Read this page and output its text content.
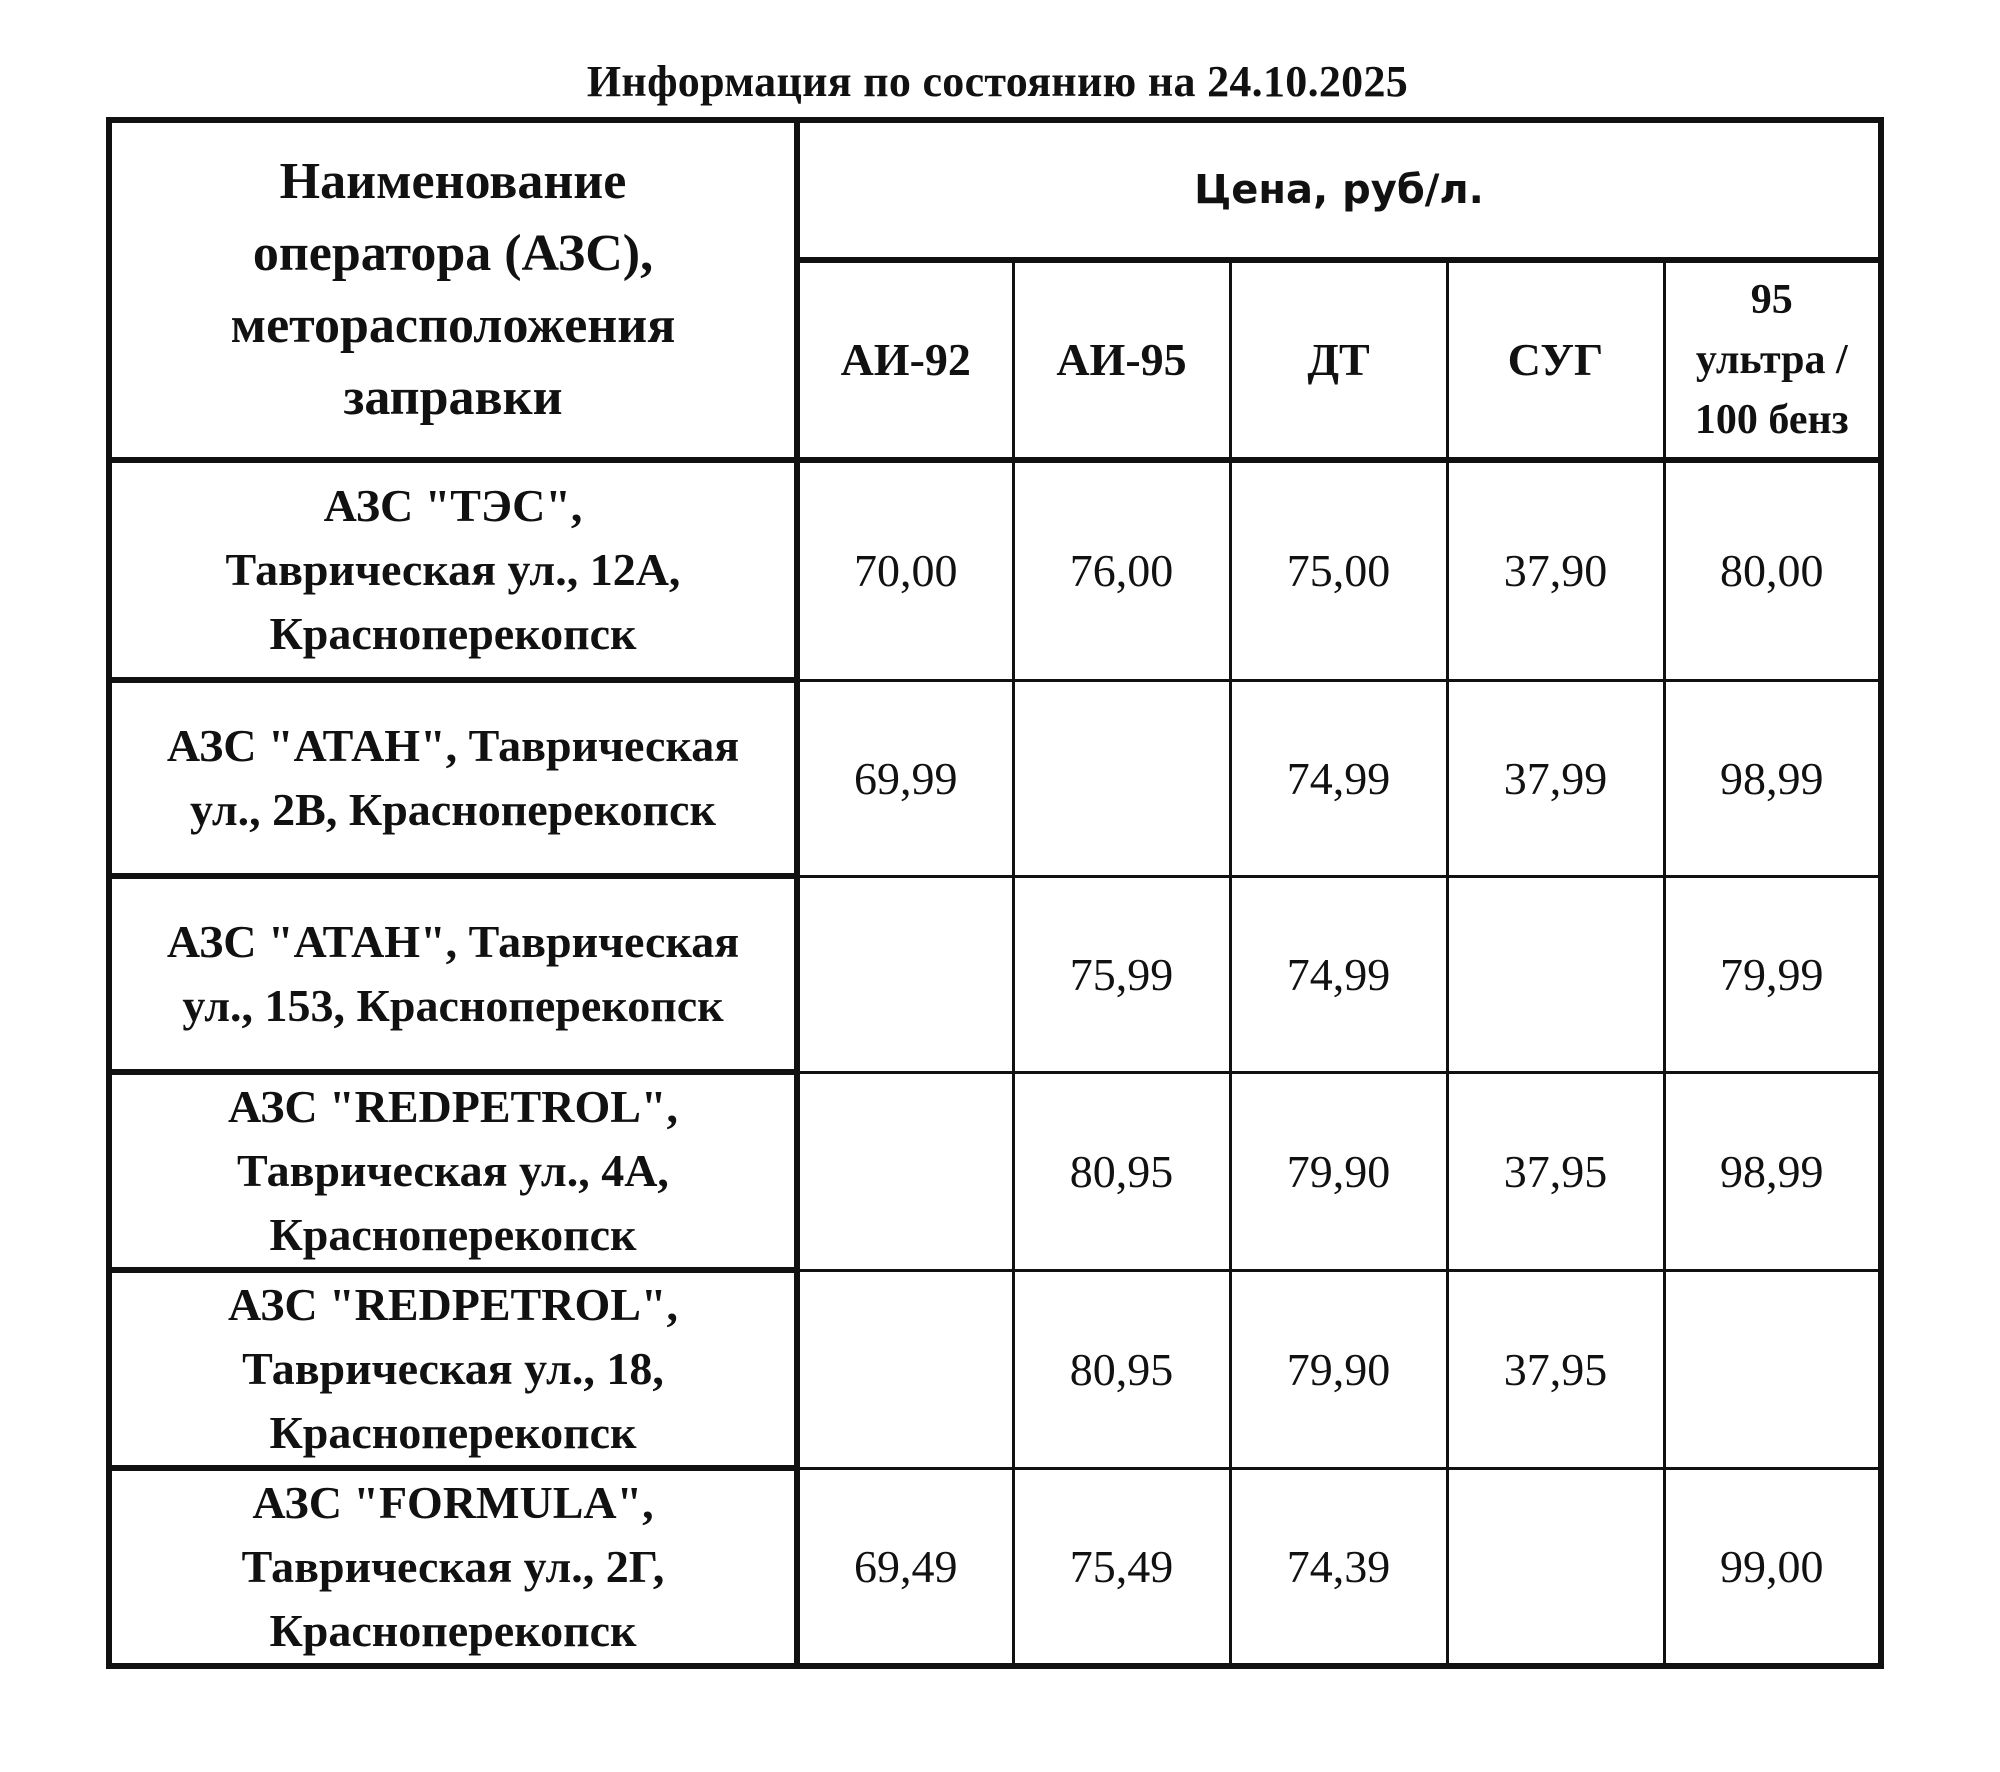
Информация по состоянию на 24.10.2025
Наименование
оператора (АЗС),
меторасположения
заправки	Цена, руб/л.				
	АИ-92	АИ-95	ДТ	СУГ	95
ультра /
100 бенз
АЗС "ТЭС",
Таврическая ул., 12А,
Красноперекопск	70,00	76,00	75,00	37,90	80,00
АЗС "АТАН", Таврическая
ул., 2В, Красноперекопск	69,99		74,99	37,99	98,99
АЗС "АТАН", Таврическая
ул., 153, Красноперекопск		75,99	74,99		79,99
АЗС "REDPETROL",
Таврическая ул., 4А,
Красноперекопск		80,95	79,90	37,95	98,99
АЗС "REDPETROL",
Таврическая ул., 18,
Красноперекопск		80,95	79,90	37,95	
АЗС "FORMULA",
Таврическая ул., 2Г,
Красноперекопск	69,49	75,49	74,39		99,00
